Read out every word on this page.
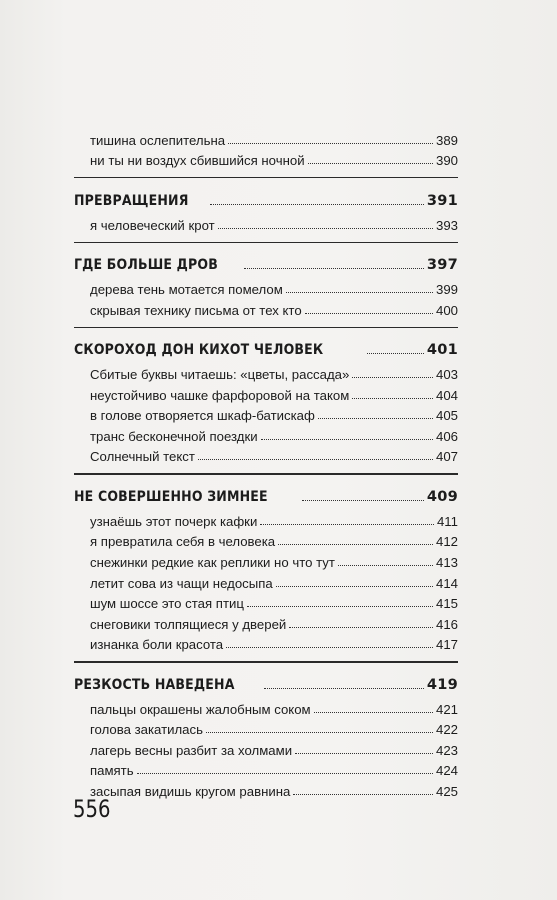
тишина ослепительна	389
ни ты ни воздух сбившийся ночной	390
ПРЕВРАЩЕНИЯ	391
я человеческий крот	393
ГДЕ БОЛЬШЕ ДРОВ	397
дерева тень мотается помелом	399
скрывая технику письма от тех кто	400
СКОРОХОД ДОН КИХОТ ЧЕЛОВЕК	401
Сбитые буквы читаешь: «цветы, рассада»	403
неустойчиво чашке фарфоровой на таком	404
в голове отворяется шкаф-батискаф	405
транс бесконечной поездки	406
Солнечный текст	407
НЕ СОВЕРШЕННО ЗИМНЕЕ	409
узнаёшь этот почерк кафки	411
я превратила себя в человека	412
снежинки редкие как реплики но что тут	413
летит сова из чащи недосыпа	414
шум шоссе это стая птиц	415
снеговики толпящиеся у дверей	416
изнанка боли красота	417
РЕЗКОСТЬ НАВЕДЕНА	419
пальцы окрашены жалобным соком	421
голова закатилась	422
лагерь весны разбит за холмами	423
память	424
засыпая видишь кругом равнина	425
556
